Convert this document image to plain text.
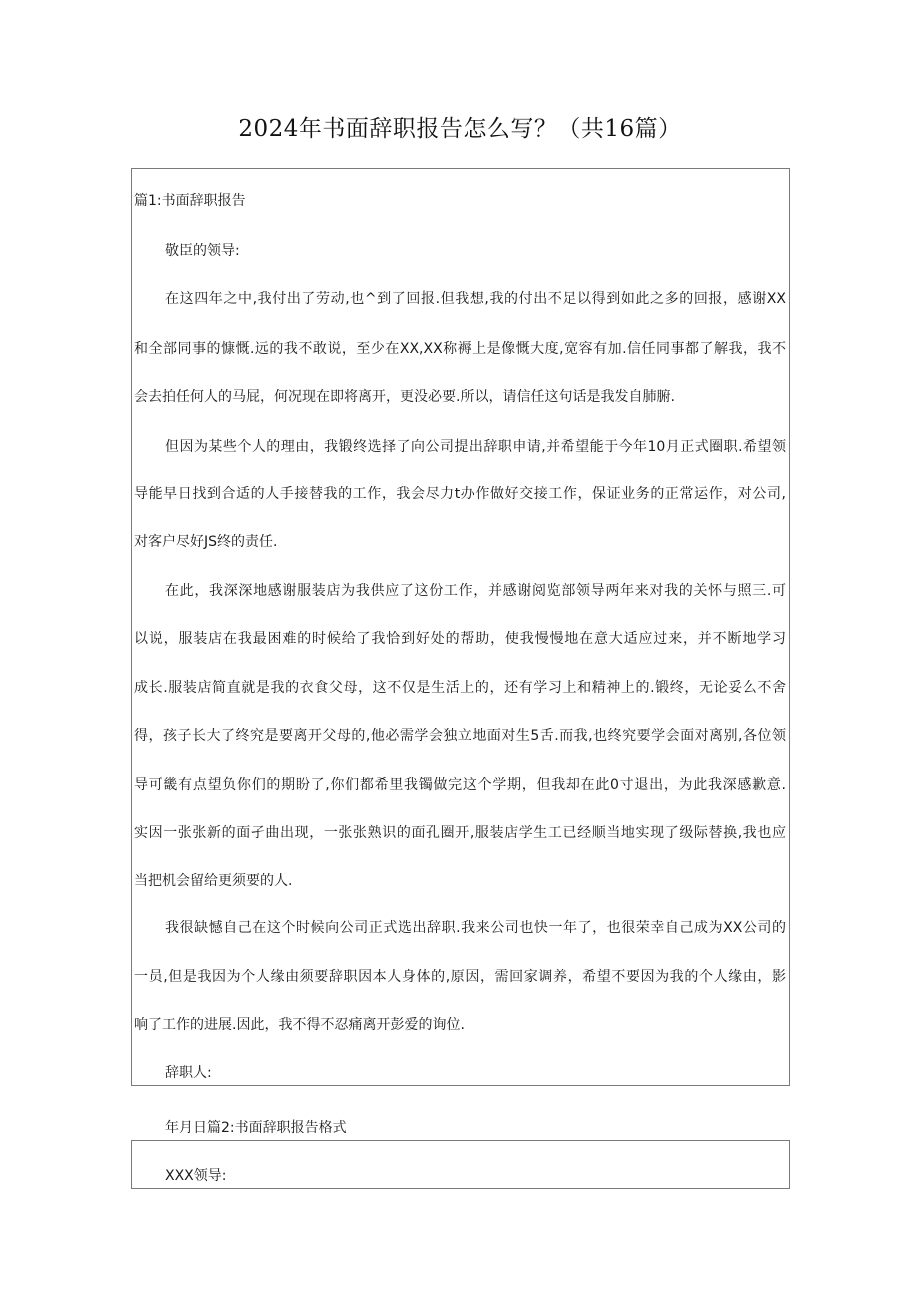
2024年书面辞职报告怎么写？（共16篇）
篇1:书面辞职报告
敬臣的领导:
在这四年之中,我付出了劳动,也^到了回报.但我想,我的付出不足以得到如此之多的回报，感谢XX
和全部同事的慷慨.远的我不敢说，至少在XX,XX称褥上是像慨大度,宽容有加.信任同事都了解我，我不
会去拍任何人的马屁，何况现在即将离开，更没必要.所以，请信任这句话是我发自肺腑.
但因为某些个人的理由，我锻终选择了向公司提出辞职申请,并希望能于今年10月正式圈职.希望领
导能早日找到合适的人手接替我的工作，我会尽力t办作做好交接工作，保证业务的正常运作，对公司,
对客户尽好JS终的责任.
在此，我深深地感谢服装店为我供应了这份工作，并感谢阅览部领导两年来对我的关怀与照三.可
以说，服装店在我最困难的时候给了我恰到好处的帮助，使我慢慢地在意大适应过来，并不断地学习
成长.服装店简直就是我的衣食父母，这不仅是生活上的，还有学习上和精神上的.锻终，无论妥么不舍
得，孩子长大了终究是要离开父母的,他必需学会独立地面对生5舌.而我,也终究要学会面对离别,各位领
导可畿有点望负你们的期盼了,你们都希里我镯做完这个学期，但我却在此0寸退出，为此我深感歉意.
实因一张张新的面孑曲出现，一张张熟识的面孔圈开,服装店学生工已经顺当地实现了级际替换,我也应
当把机会留给更须要的人.
我很缺憾自己在这个时候向公司正式选出辞职.我来公司也快一年了，也很荣幸自己成为XX公司的
一员,但是我因为个人缘由须要辞职因本人身体的,原因，需回家调养，希望不要因为我的个人缘由，影
响了工作的进展.因此，我不得不忍痛离开彭爱的询位.
辞职人:
年月日篇2:书面辞职报告格式
XXX领导:
